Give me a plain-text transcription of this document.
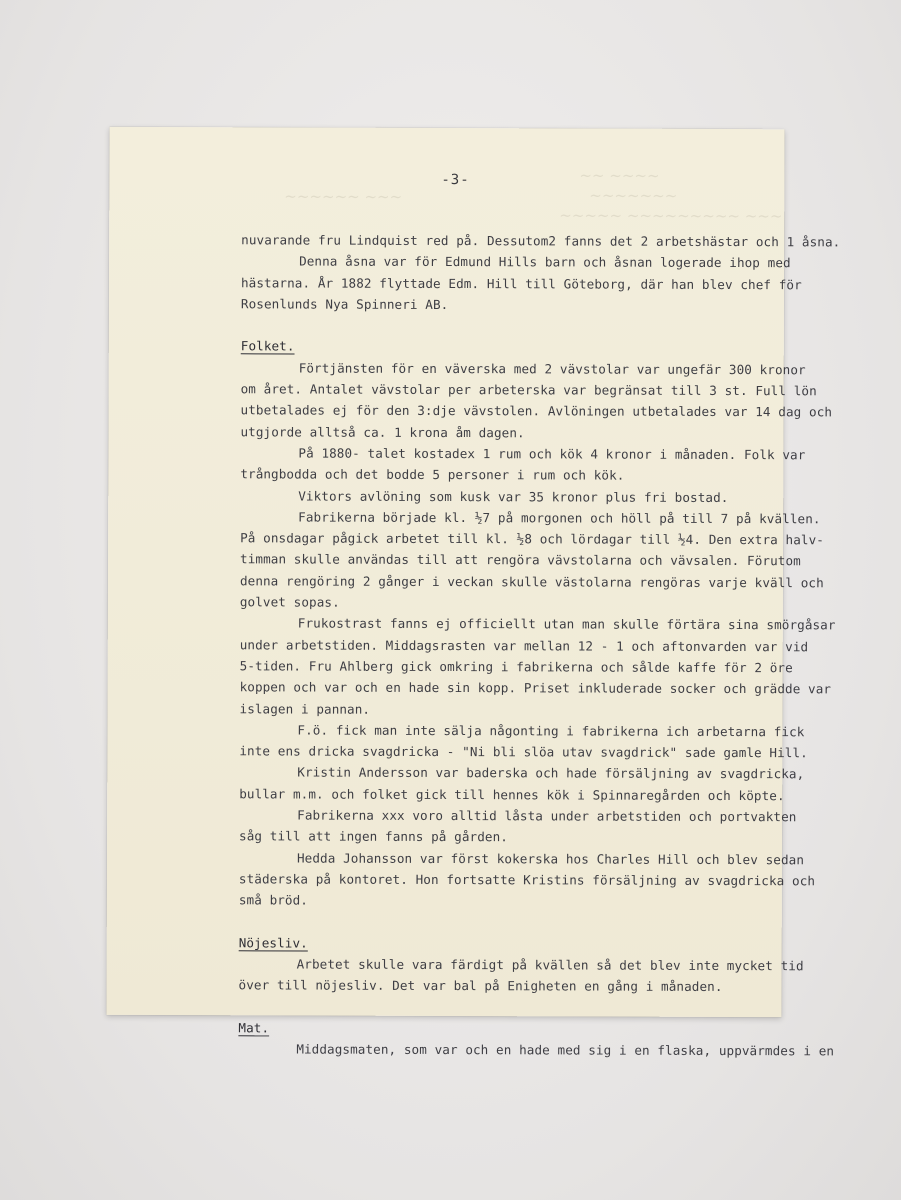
~~ ~~~~
~~~~~~~
~~~~~~ ~~~
~~~~~ ~~~~~~~~~ ~~~
-3-
nuvarande fru Lindquist red på. Dessutom2 fanns det 2 arbetshästar och 1 åsna.
Denna åsna var för Edmund Hills barn och åsnan logerade ihop med
hästarna. År 1882 flyttade Edm. Hill till Göteborg, där han blev chef för
Rosenlunds Nya Spinneri AB.
Folket.
Förtjänsten för en väverska med 2 vävstolar var ungefär 300 kronor
om året. Antalet vävstolar per arbeterska var begränsat till 3 st. Full lön
utbetalades ej för den 3:dje vävstolen. Avlöningen utbetalades var 14 dag och
utgjorde alltså ca. 1 krona åm dagen.
På 1880- talet kostadex 1 rum och kök 4 kronor i månaden. Folk var
trångbodda och det bodde 5 personer i rum och kök.
Viktors avlöning som kusk var 35 kronor plus fri bostad.
Fabrikerna började kl. ½7 på morgonen och höll på till 7 på kvällen.
På onsdagar pågick arbetet till kl. ½8 och lördagar till ½4. Den extra halv-
timman skulle användas till att rengöra vävstolarna och vävsalen. Förutom
denna rengöring 2 gånger i veckan skulle västolarna rengöras varje kväll och
golvet sopas.
Frukostrast fanns ej officiellt utan man skulle förtära sina smörgåsar
under arbetstiden. Middagsrasten var mellan 12 - 1 och aftonvarden var vid
5-tiden. Fru Ahlberg gick omkring i fabrikerna och sålde kaffe för 2 öre
koppen och var och en hade sin kopp. Priset inkluderade socker och grädde var
islagen i pannan.
F.ö. fick man inte sälja någonting i fabrikerna ich arbetarna fick
inte ens dricka svagdricka - "Ni bli slöa utav svagdrick" sade gamle Hill.
Kristin Andersson var baderska och hade försäljning av svagdricka,
bullar m.m. och folket gick till hennes kök i Spinnaregården och köpte.
Fabrikerna xxx voro alltid låsta under arbetstiden och portvakten
såg till att ingen fanns på gården.
Hedda Johansson var först kokerska hos Charles Hill och blev sedan
städerska på kontoret. Hon fortsatte Kristins försäljning av svagdricka och
små bröd.
Nöjesliv.
Arbetet skulle vara färdigt på kvällen så det blev inte mycket tid
över till nöjesliv. Det var bal på Enigheten en gång i månaden.
Mat.
Middagsmaten, som var och en hade med sig i en flaska, uppvärmdes i en
